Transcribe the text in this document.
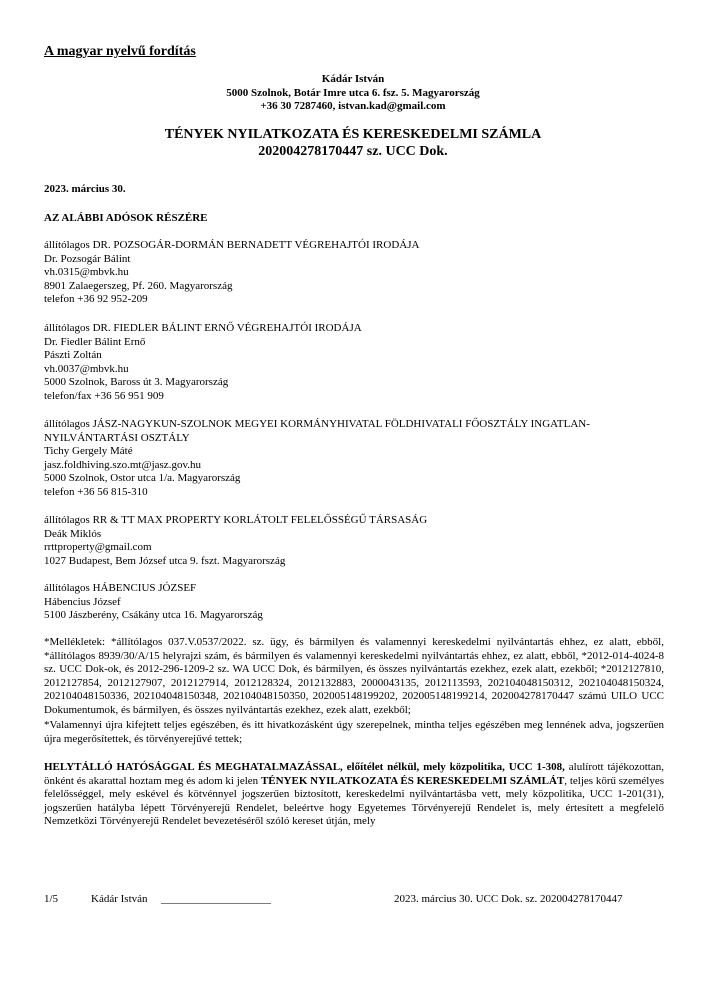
A magyar nyelvű fordítás
Kádár István
5000 Szolnok, Botár Imre utca 6. fsz. 5. Magyarország
+36 30 7287460, istvan.kad@gmail.com
TÉNYEK NYILATKOZATA ÉS KERESKEDELMI SZÁMLA
202004278170447 sz. UCC Dok.
2023. március 30.
AZ ALÁBBI ADÓSOK RÉSZÉRE
állítólagos DR. POZSOGÁR-DORMÁN BERNADETT VÉGREHAJTÓI IRODÁJA
Dr. Pozsogár Bálint
vh.0315@mbvk.hu
8901 Zalaegerszeg, Pf. 260. Magyarország
telefon +36 92 952-209
állítólagos DR. FIEDLER BÁLINT ERNŐ VÉGREHAJTÓI IRODÁJA
Dr. Fiedler Bálint Ernő
Pászti Zoltán
vh.0037@mbvk.hu
5000 Szolnok, Baross út 3. Magyarország
telefon/fax +36 56 951 909
állítólagos JÁSZ-NAGYKUN-SZOLNOK MEGYEI KORMÁNYHIVATAL FÖLDHIVATALI FŐOSZTÁLY INGATLAN-
NYILVÁNTARTÁSI OSZTÁLY
Tichy Gergely Máté
jasz.foldhiving.szo.mt@jasz.gov.hu
5000 Szolnok, Ostor utca 1/a. Magyarország
telefon +36 56 815-310
állítólagos RR & TT MAX PROPERTY KORLÁTOLT FELELŐSSÉGŰ TÁRSASÁG
Deák Miklós
rrttproperty@gmail.com
1027 Budapest, Bem József utca 9. fszt. Magyarország
állítólagos HÁBENCIUS JÓZSEF
Hábencius József
5100 Jászberény, Csákány utca 16. Magyarország
*Mellékletek: *állítólagos 037.V.0537/2022. sz. ügy, és bármilyen és valamennyi kereskedelmi nyilvántartás ehhez, ez alatt, ebből, *állítólagos 8939/30/A/15 helyrajzi szám, és bármilyen és valamennyi kereskedelmi nyilvántartás ehhez, ez alatt, ebből, *2012-014-4024-8 sz. UCC Dok-ok, és 2012-296-1209-2 sz. WA UCC Dok, és bármilyen, és összes nyilvántartás ezekhez, ezek alatt, ezekből; *2012127810, 2012127854, 2012127907, 2012127914, 2012128324, 2012132883, 2000043135, 2012113593, 202104048150312, 202104048150324, 202104048150336, 202104048150348, 202104048150350, 202005148199202, 202005148199214, 202004278170447 számú UILO UCC Dokumentumok, és bármilyen, és összes nyilvántartás ezekhez, ezek alatt, ezekből;
*Valamennyi újra kifejtett teljes egészében, és itt hivatkozásként úgy szerepelnek, mintha teljes egészében meg lennének adva, jogszerűen újra megerősítettek, és törvényerejűvé tettek;
HELYTÁLLÓ HATÓSÁGGAL ÉS MEGHATALMAZÁSSAL, előítélet nélkül, mely közpolitika, UCC 1-308, alulírott tájékozottan, önként és akarattal hoztam meg és adom ki jelen TÉNYEK NYILATKOZATA ÉS KERESKEDELMI SZÁMLÁT, teljes körű személyes felelősséggel, mely eskével és kötvénnyel jogszerűen biztosított, kereskedelmi nyilvántartásba vett, mely közpolitika, UCC 1-201(31), jogszerűen hatályba lépett Törvényerejű Rendelet, beleértve hogy Egyetemes Törvényerejű Rendelet is, mely értesített a megfelelő Nemzetközi Törvényerejű Rendelet bevezetéséről szóló kereset útján, mely
1/5	Kádár István ____________________	2023. március 30. UCC Dok. sz. 202004278170447
